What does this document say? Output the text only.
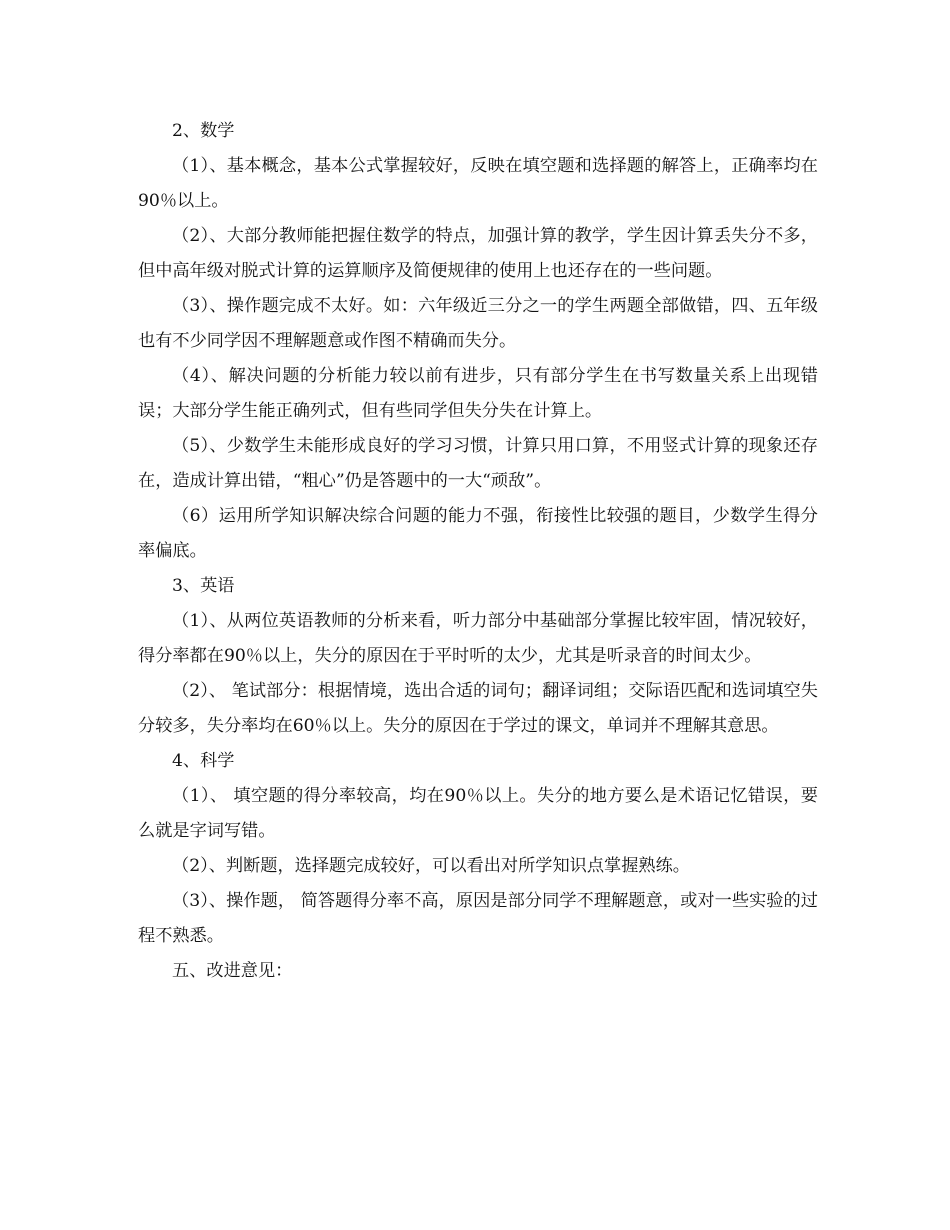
2、数学

（1）、基本概念，基本公式掌握较好，反映在填空题和选择题的解答上，正确率均在90％以上。

（2）、大部分教师能把握住数学的特点，加强计算的教学，学生因计算丢失分不多，但中高年级对脱式计算的运算顺序及简便规律的使用上也还存在的一些问题。

（3）、操作题完成不太好。如：六年级近三分之一的学生两题全部做错，四、五年级也有不少同学因不理解题意或作图不精确而失分。

（4）、解决问题的分析能力较以前有进步，只有部分学生在书写数量关系上出现错误；大部分学生能正确列式，但有些同学但失分失在计算上。

（5）、少数学生未能形成良好的学习习惯，计算只用口算，不用竖式计算的现象还存在，造成计算出错，“粗心”仍是答题中的一大“顽敌”。

（6）运用所学知识解决综合问题的能力不强，衔接性比较强的题目，少数学生得分率偏底。

3、英语

（1）、从两位英语教师的分析来看，听力部分中基础部分掌握比较牢固，情况较好，得分率都在90％以上，失分的原因在于平时听的太少，尤其是听录音的时间太少。

（2）、 笔试部分：根据情境，选出合适的词句；翻译词组；交际语匹配和选词填空失分较多，失分率均在60％以上。失分的原因在于学过的课文，单词并不理解其意思。

4、科学

（1）、 填空题的得分率较高，均在90％以上。失分的地方要么是术语记忆错误，要么就是字词写错。

（2）、判断题，选择题完成较好，可以看出对所学知识点掌握熟练。

（3）、操作题， 简答题得分率不高，原因是部分同学不理解题意，或对一些实验的过程不熟悉。

五、改进意见：
